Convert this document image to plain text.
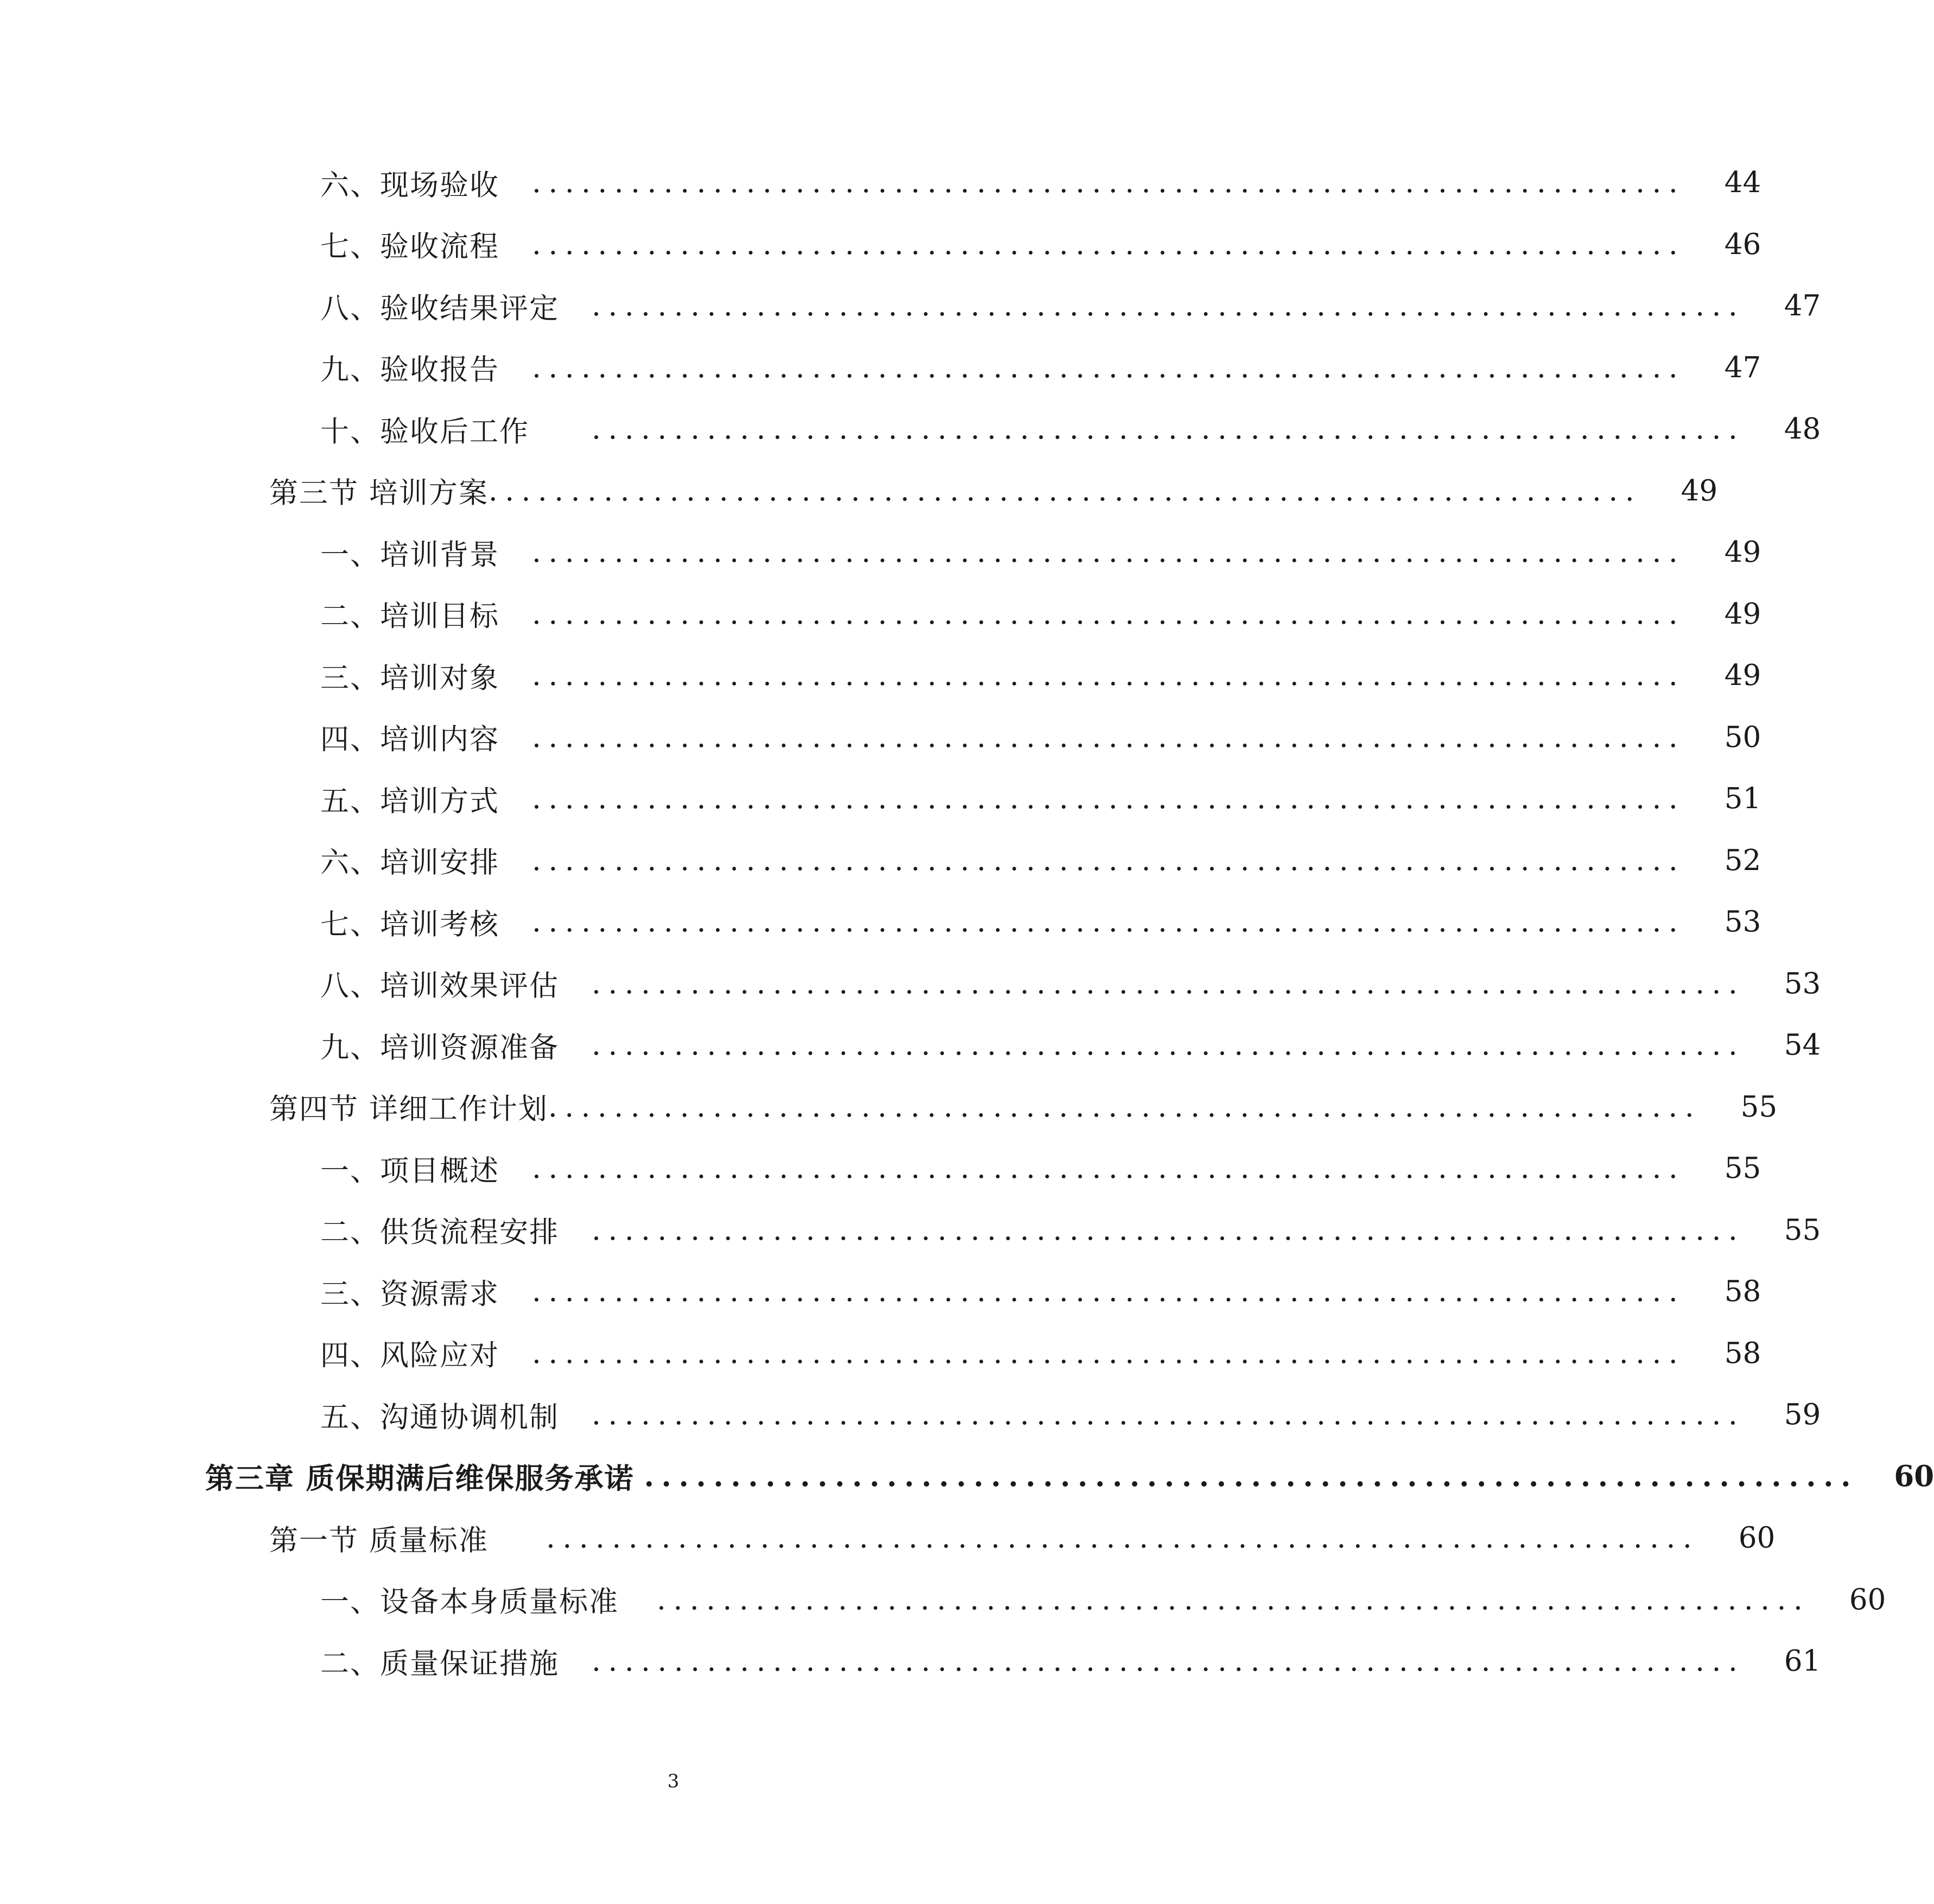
六、现场验收	......................................................................	44
七、验收流程	......................................................................	46
八、验收结果评定	......................................................................	47
九、验收报告	......................................................................	47
十、验收后工作	......................................................................	48
第三节 培训方案 ......................................................................	49
一、培训背景	......................................................................	49
二、培训目标	......................................................................	49
三、培训对象	......................................................................	49
四、培训内容	......................................................................	50
五、培训方式	......................................................................	51
六、培训安排	......................................................................	52
七、培训考核	......................................................................	53
八、培训效果评估	......................................................................	53
九、培训资源准备	......................................................................	54
第四节 详细工作计划 ......................................................................	55
一、项目概述	......................................................................	55
二、供货流程安排	......................................................................	55
三、资源需求	......................................................................	58
四、风险应对	......................................................................	58
五、沟通协调机制	......................................................................	59
第三章 质保期满后维保服务承诺 ......................................................................	60
第一节 质量标准	......................................................................	60
一、设备本身质量标准	......................................................................	60
二、质量保证措施	......................................................................	61
3
